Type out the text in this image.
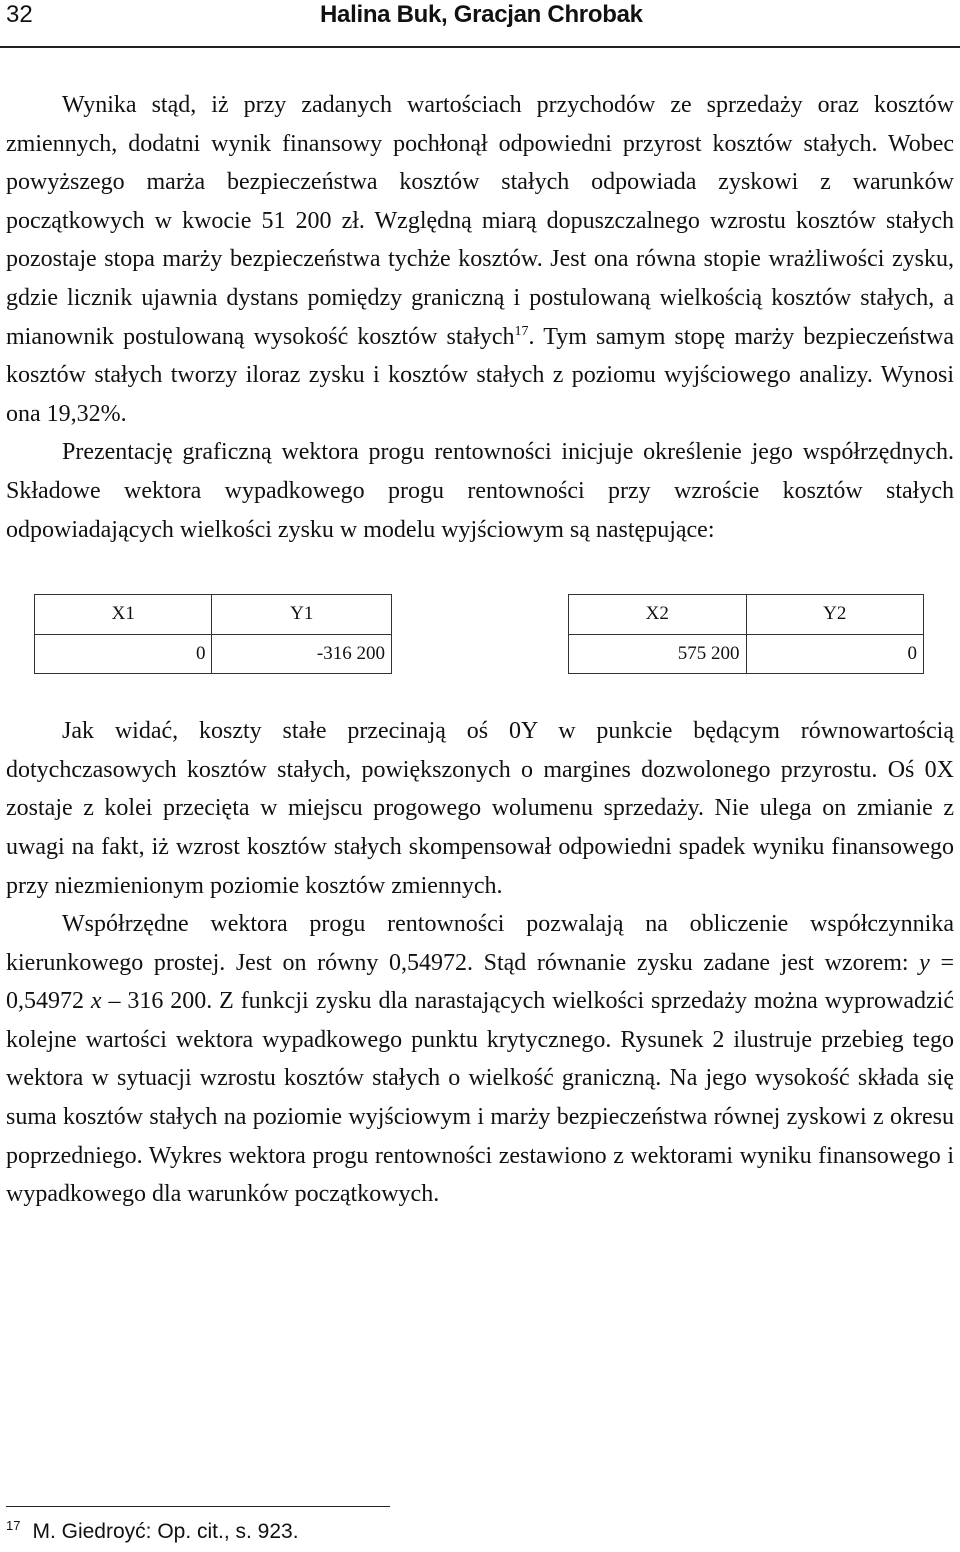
32	Halina Buk, Gracjan Chrobak

Wynika stąd, iż przy zadanych wartościach przychodów ze sprzedaży oraz kosztów zmiennych, dodatni wynik finansowy pochłonął odpowiedni przyrost kosztów stałych. Wobec powyższego marża bezpieczeństwa kosztów stałych odpowiada zyskowi z warunków początkowych w kwocie 51 200 zł. Względną miarą dopuszczalnego wzrostu kosztów stałych pozostaje stopa marży bezpieczeństwa tychże kosztów. Jest ona równa stopie wrażliwości zysku, gdzie licznik ujawnia dystans pomiędzy graniczną i postulowaną wielkością kosztów stałych, a mianownik postulowaną wysokość kosztów stałych$^{17}$. Tym samym stopę marży bezpieczeństwa kosztów stałych tworzy iloraz zysku i kosztów stałych z poziomu wyjściowego analizy. Wynosi ona 19,32%.

Prezentację graficzną wektora progu rentowności inicjuje określenie jego współrzędnych. Składowe wektora wypadkowego progu rentowności przy wzroście kosztów stałych odpowiadających wielkości zysku w modelu wyjściowym są następujące:

X1	Y1
0	-316 200
X2	Y2
575 200	0

Jak widać, koszty stałe przecinają oś 0Y w punkcie będącym równowartością dotychczasowych kosztów stałych, powiększonych o margines dozwolonego przyrostu. Oś 0X zostaje z kolei przecięta w miejscu progowego wolumenu sprzedaży. Nie ulega on zmianie z uwagi na fakt, iż wzrost kosztów stałych skompensował odpowiedni spadek wyniku finansowego przy niezmienionym poziomie kosztów zmiennych.

Współrzędne wektora progu rentowności pozwalają na obliczenie współczynnika kierunkowego prostej. Jest on równy 0,54972. Stąd równanie zysku zadane jest wzorem: y = 0,54972 x – 316 200. Z funkcji zysku dla narastających wielkości sprzedaży można wyprowadzić kolejne wartości wektora wypadkowego punktu krytycznego. Rysunek 2 ilustruje przebieg tego wektora w sytuacji wzrostu kosztów stałych o wielkość graniczną. Na jego wysokość składa się suma kosztów stałych na poziomie wyjściowym i marży bezpieczeństwa równej zyskowi z okresu poprzedniego. Wykres wektora progu rentowności zestawiono z wektorami wyniku finansowego i wypadkowego dla warunków początkowych.

$^{17}$ M. Giedroyć: Op. cit., s. 923.
